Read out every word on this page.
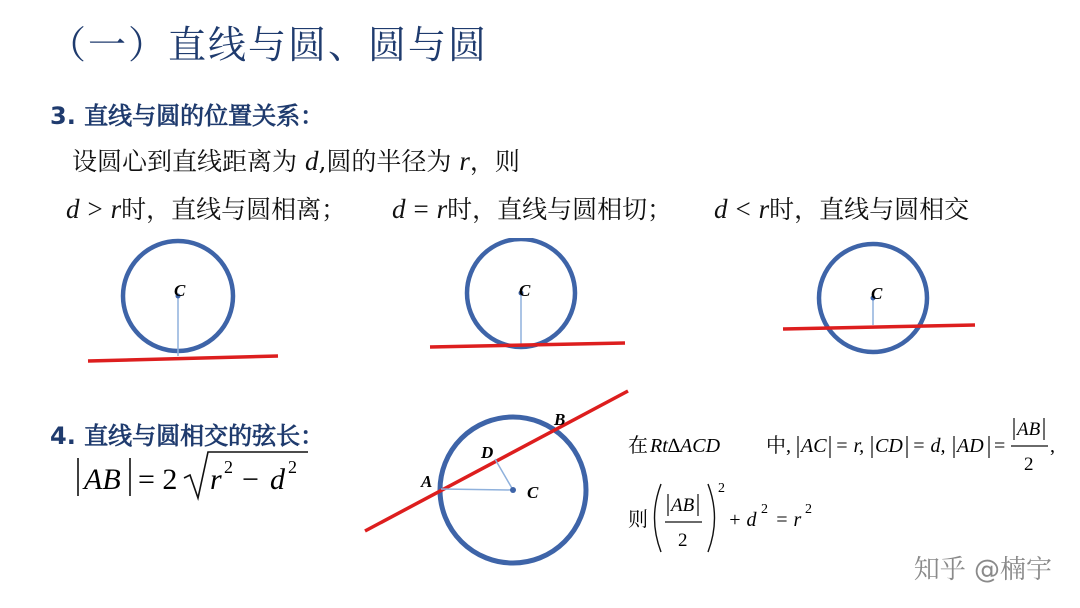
（一）直线与圆、圆与圆
3. 直线与圆的位置关系：
设圆心到直线距离为 d,圆的半径为 r，则
d > r时，直线与圆相离； d = r时，直线与圆相切； d < r时，直线与圆相交
C	C	C
4. 直线与圆相交的弦长：
AB = 2 r 2 − d 2
C
D
A
B
在 Rt∆ACD 中, AC = r, CD = d, AD =
AB
2
,
则
AB
2
2
+ d 2 = r 2
知乎 @楠宇
